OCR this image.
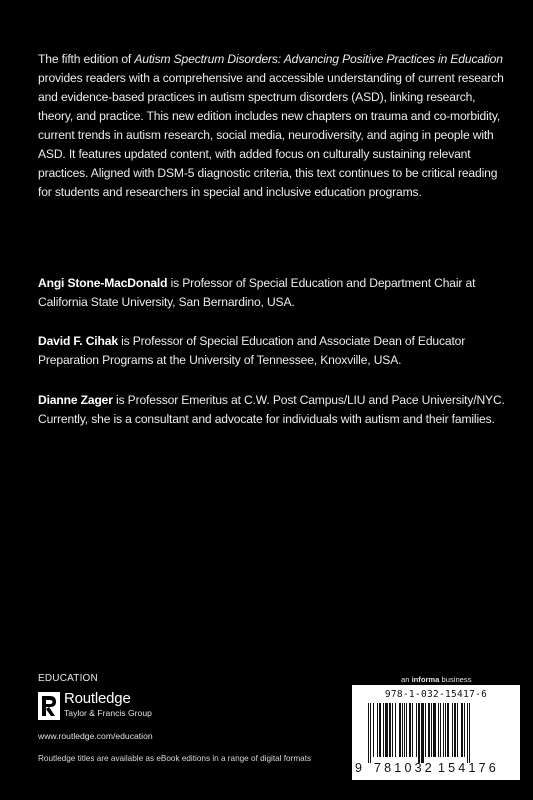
The fifth edition of Autism Spectrum Disorders: Advancing Positive Practices in Education provides readers with a comprehensive and accessible understanding of current research and evidence-based practices in autism spectrum disorders (ASD), linking research, theory, and practice. This new edition includes new chapters on trauma and co-morbidity, current trends in autism research, social media, neurodiversity, and aging in people with ASD. It features updated content, with added focus on culturally sustaining relevant practices. Aligned with DSM-5 diagnostic criteria, this text continues to be critical reading for students and researchers in special and inclusive education programs.

Angi Stone-MacDonald is Professor of Special Education and Department Chair at California State University, San Bernardino, USA.

David F. Cihak is Professor of Special Education and Associate Dean of Educator Preparation Programs at the University of Tennessee, Knoxville, USA.

Dianne Zager is Professor Emeritus at C.W. Post Campus/LIU and Pace University/NYC. Currently, she is a consultant and advocate for individuals with autism and their families.

EDUCATION
Routledge
Taylor & Francis Group
www.routledge.com/education
Routledge titles are available as eBook editions in a range of digital formats
an informa business
978-1-032-15417-6
9 781032 154176
